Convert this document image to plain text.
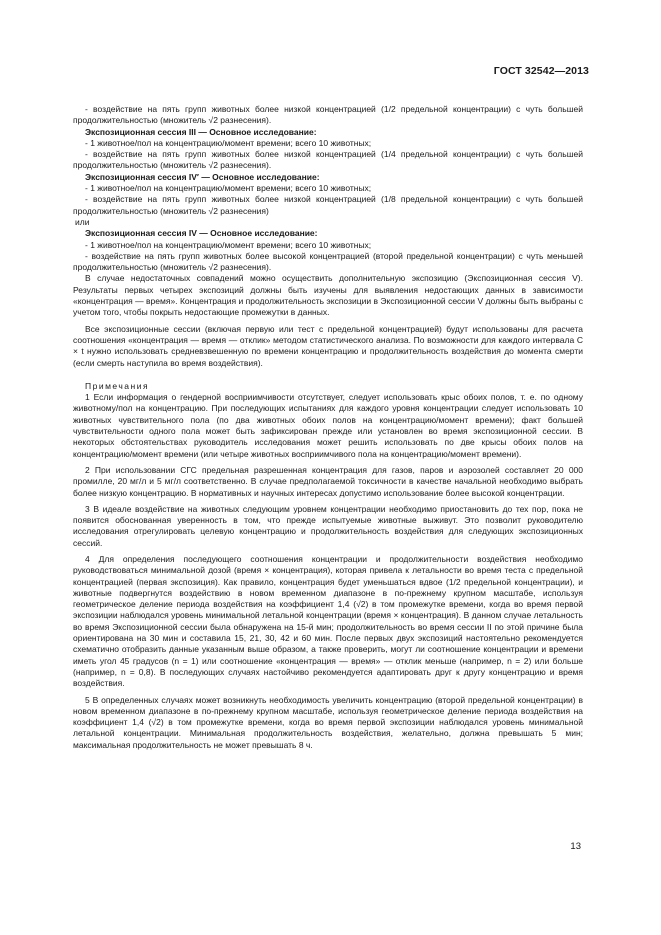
ГОСТ 32542—2013

- воздействие на пять групп животных более низкой концентрацией (1/2 предельной концентрации) с чуть большей продолжительностью (множитель √2 разнесения).

Экспозиционная сессия III — Основное исследование:

- 1 животное/пол на концентрацию/момент времени; всего 10 животных;

- воздействие на пять групп животных более низкой концентрацией (1/4 предельной концентрации) с чуть большей продолжительностью (множитель √2 разнесения).

Экспозиционная сессия IV′ — Основное исследование:

- 1 животное/пол на концентрацию/момент времени; всего 10 животных;

- воздействие на пять групп животных более низкой концентрацией (1/8 предельной концентрации) с чуть большей продолжительностью (множитель √2 разнесения)

или

Экспозиционная сессия IV — Основное исследование:

- 1 животное/пол на концентрацию/момент времени; всего 10 животных;

- воздействие на пять групп животных более высокой концентрацией (второй предельной концентрации) с чуть меньшей продолжительностью (множитель √2 разнесения).

В случае недостаточных совпадений можно осуществить дополнительную экспозицию (Экспозиционная сессия V). Результаты первых четырех экспозиций должны быть изучены для выявления недостающих данных в зависимости «концентрация — время». Концентрация и продолжительность экспозиции в Экспозиционной сессии V должны быть выбраны с учетом того, чтобы покрыть недостающие промежутки в данных.

Все экспозиционные сессии (включая первую или тест с предельной концентрацией) будут использованы для расчета соотношения «концентрация — время — отклик» методом статистического анализа. По возможности для каждого интервала C × t нужно использовать средневзвешенную по времени концентрацию и продолжительность воздействия до момента смерти (если смерть наступила во время воздействия).

Примечания

1 Если информация о гендерной восприимчивости отсутствует, следует использовать крыс обоих полов, т. е. по одному животному/пол на концентрацию. При последующих испытаниях для каждого уровня концентрации следует использовать 10 животных чувствительного пола (по два животных обоих полов на концентрацию/момент времени); факт большей чувствительности одного пола может быть зафиксирован прежде или установлен во время экспозиционной сессии. В некоторых обстоятельствах руководитель исследования может решить использовать по две крысы обоих полов на концентрацию/момент времени (или четыре животных восприимчивого пола на концентрацию/момент времени).

2 При использовании СГС предельная разрешенная концентрация для газов, паров и аэрозолей составляет 20 000 промилле, 20 мг/л и 5 мг/л соответственно. В случае предполагаемой токсичности в качестве начальной необходимо выбрать более низкую концентрацию. В нормативных и научных интересах допустимо использование более высокой концентрации.

3 В идеале воздействие на животных следующим уровнем концентрации необходимо приостановить до тех пор, пока не появится обоснованная уверенность в том, что прежде испытуемые животные выживут. Это позволит руководителю исследования отрегулировать целевую концентрацию и продолжительность воздействия для следующих экспозиционных сессий.

4 Для определения последующего соотношения концентрации и продолжительности воздействия необходимо руководствоваться минимальной дозой (время × концентрация), которая привела к летальности во время теста с предельной концентрацией (первая экспозиция). Как правило, концентрация будет уменьшаться вдвое (1/2 предельной концентрации), и животные подвергнутся воздействию в новом временном диапазоне в по-прежнему крупном масштабе, используя геометрическое деление периода воздействия на коэффициент 1,4 (√2) в том промежутке времени, когда во время первой экспозиции наблюдался уровень минимальной летальной концентрации (время × концентрация). В данном случае летальность во время Экспозиционной сессии была обнаружена на 15-й мин; продолжительность во время сессии II по этой причине была ориентирована на 30 мин и составила 15, 21, 30, 42 и 60 мин. После первых двух экспозиций настоятельно рекомендуется схематично отобразить данные указанным выше образом, а также проверить, могут ли соотношение концентрации и времени иметь угол 45 градусов (n = 1) или соотношение «концентрация — время» — отклик меньше (например, n = 2) или больше (например, n = 0,8). В последующих случаях настойчиво рекомендуется адаптировать друг к другу концентрацию и время воздействия.

5 В определенных случаях может возникнуть необходимость увеличить концентрацию (второй предельной концентрации) в новом временном диапазоне в по-прежнему крупном масштабе, используя геометрическое деление периода воздействия на коэффициент 1,4 (√2) в том промежутке времени, когда во время первой экспозиции наблюдался уровень минимальной летальной концентрации. Минимальная продолжительность воздействия, желательно, должна превышать 5 мин; максимальная продолжительность не может превышать 8 ч.

13
